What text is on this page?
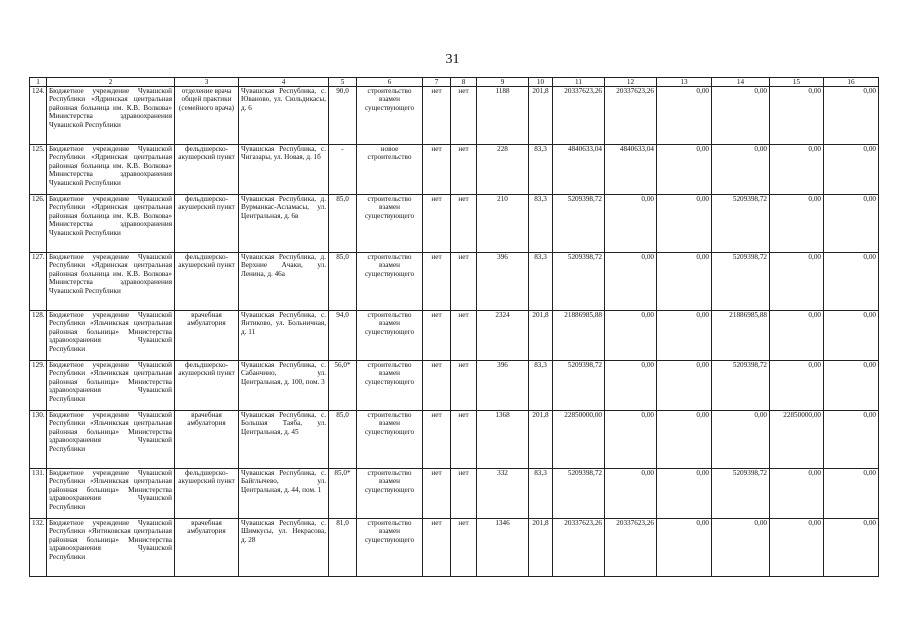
31
1	2	3	4	5	6	7	8	9	10	11	12	13	14	15	16
124.	Бюджетное учреждение Чувашской Республики «Ядринская центральная районная больница им. К.В. Волкова» Министерства здравоохранения Чувашской Республики	отделение врача общей практики (семейного врача)	Чувашская Республика, с. Юваново, ул. Сюльдикасы, д. 6	90,0	строительство взамен существующего	нет	нет	1188	201,8	20337623,26	20337623,26	0,00	0,00	0,00	0,00
125.	Бюджетное учреждение Чувашской Республики «Ядринская центральная районная больница им. К.В. Волкова» Министерства здравоохранения Чувашской Республики	фельдшерско-акушерский пункт	Чувашская Республика, с. Чигазары, ул. Новая, д. 1б	-	новое строительство	нет	нет	228	83,3	4840633,04	4840633,04	0,00	0,00	0,00	0,00
126.	Бюджетное учреждение Чувашской Республики «Ядринская центральная районная больница им. К.В. Волкова» Министерства здравоохранения Чувашской Республики	фельдшерско-акушерский пункт	Чувашская Республика, д. Вурманкас-Асламасы, ул. Центральная, д. 6в	85,0	строительство взамен существующего	нет	нет	210	83,3	5209398,72	0,00	0,00	5209398,72	0,00	0,00
127.	Бюджетное учреждение Чувашской Республики «Ядринская центральная районная больница им. К.В. Волкова» Министерства здравоохранения Чувашской Республики	фельдшерско-акушерский пункт	Чувашская Республика, д. Верхние Ачаки, ул. Ленина, д. 46а	85,0	строительство взамен существующего	нет	нет	396	83,3	5209398,72	0,00	0,00	5209398,72	0,00	0,00
128.	Бюджетное учреждение Чувашской Республики «Яльчикская центральная районная больница» Министерства здравоохранения Чувашской Республики	врачебная амбулатория	Чувашская Республика, с. Янтиково, ул. Больничная, д. 11	94,0	строительство взамен существующего	нет	нет	2324	201,8	21886985,88	0,00	0,00	21886985,88	0,00	0,00
129.	Бюджетное учреждение Чувашской Республики «Яльчикская центральная районная больница» Министерства здравоохранения Чувашской Республики	фельдшерско-акушерский пункт	Чувашская Республика, с. Сабанчино, ул. Центральная, д. 100, пом. 3	56,0*	строительство взамен существующего	нет	нет	396	83,3	5209398,72	0,00	0,00	5209398,72	0,00	0,00
130.	Бюджетное учреждение Чувашской Республики «Яльчикская центральная районная больница» Министерства здравоохранения Чувашской Республики	врачебная амбулатория	Чувашская Республика, с. Большая Таяба, ул. Центральная, д. 45	85,0	строительство взамен существующего	нет	нет	1368	201,8	22850000,00	0,00	0,00	0,00	22850000,00	0,00
131.	Бюджетное учреждение Чувашской Республики «Яльчикская центральная районная больница» Министерства здравоохранения Чувашской Республики	фельдшерско-акушерский пункт	Чувашская Республика, с. Байглычево, ул. Центральная, д. 44, пом. 1	85,0*	строительство взамен существующего	нет	нет	332	83,3	5209398,72	0,00	0,00	5209398,72	0,00	0,00
132.	Бюджетное учреждение Чувашской Республики «Янтиковская центральная районная больница» Министерства здравоохранения Чувашской Республики	врачебная амбулатория	Чувашская Республика, с. Шимкусы, ул. Некрасова, д. 28	81,0	строительство взамен существующего	нет	нет	1346	201,8	20337623,26	20337623,26	0,00	0,00	0,00	0,00
